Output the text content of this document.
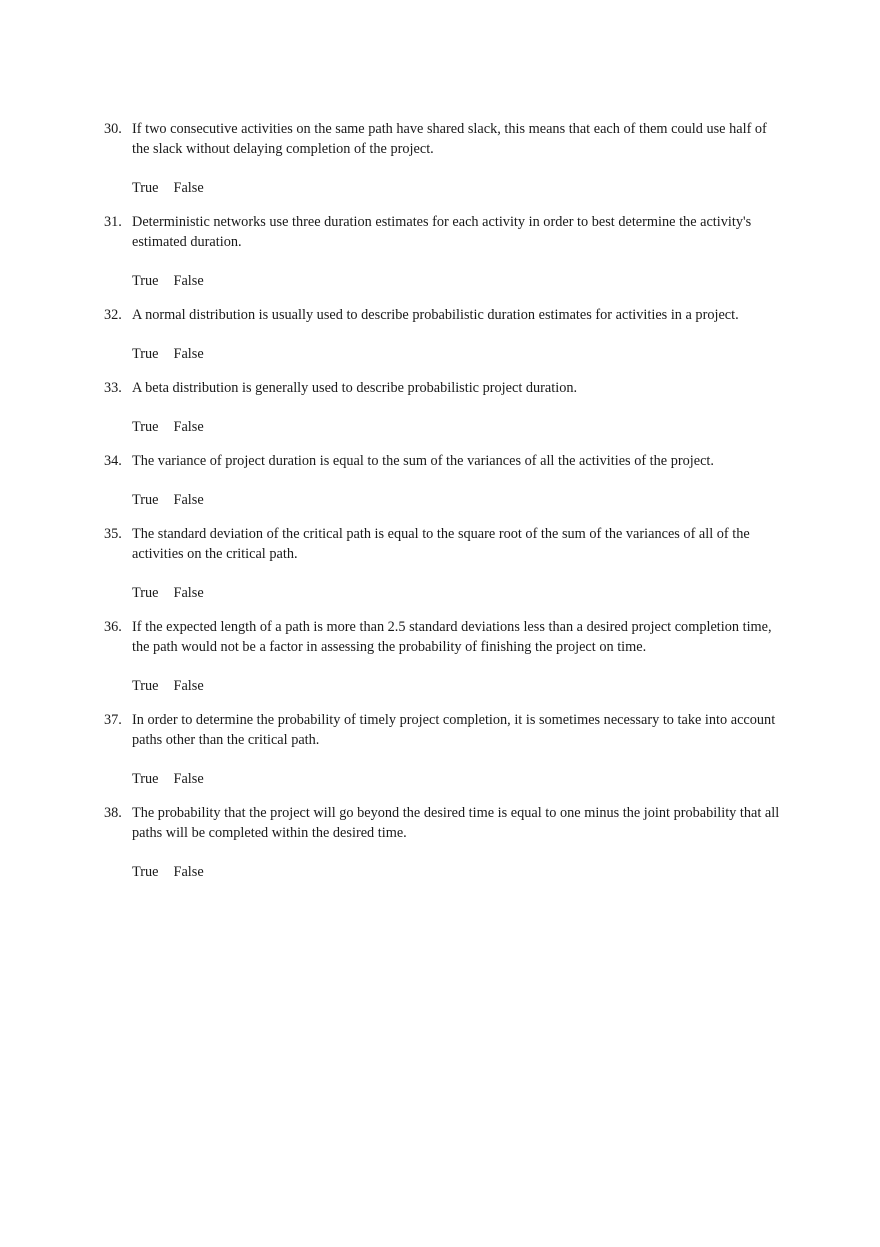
30. If two consecutive activities on the same path have shared slack, this means that each of them could use half of the slack without delaying completion of the project.
True False
31. Deterministic networks use three duration estimates for each activity in order to best determine the activity's estimated duration.
True False
32. A normal distribution is usually used to describe probabilistic duration estimates for activities in a project.
True False
33. A beta distribution is generally used to describe probabilistic project duration.
True False
34. The variance of project duration is equal to the sum of the variances of all the activities of the project.
True False
35. The standard deviation of the critical path is equal to the square root of the sum of the variances of all of the activities on the critical path.
True False
36. If the expected length of a path is more than 2.5 standard deviations less than a desired project completion time, the path would not be a factor in assessing the probability of finishing the project on time.
True False
37. In order to determine the probability of timely project completion, it is sometimes necessary to take into account paths other than the critical path.
True False
38. The probability that the project will go beyond the desired time is equal to one minus the joint probability that all paths will be completed within the desired time.
True False
